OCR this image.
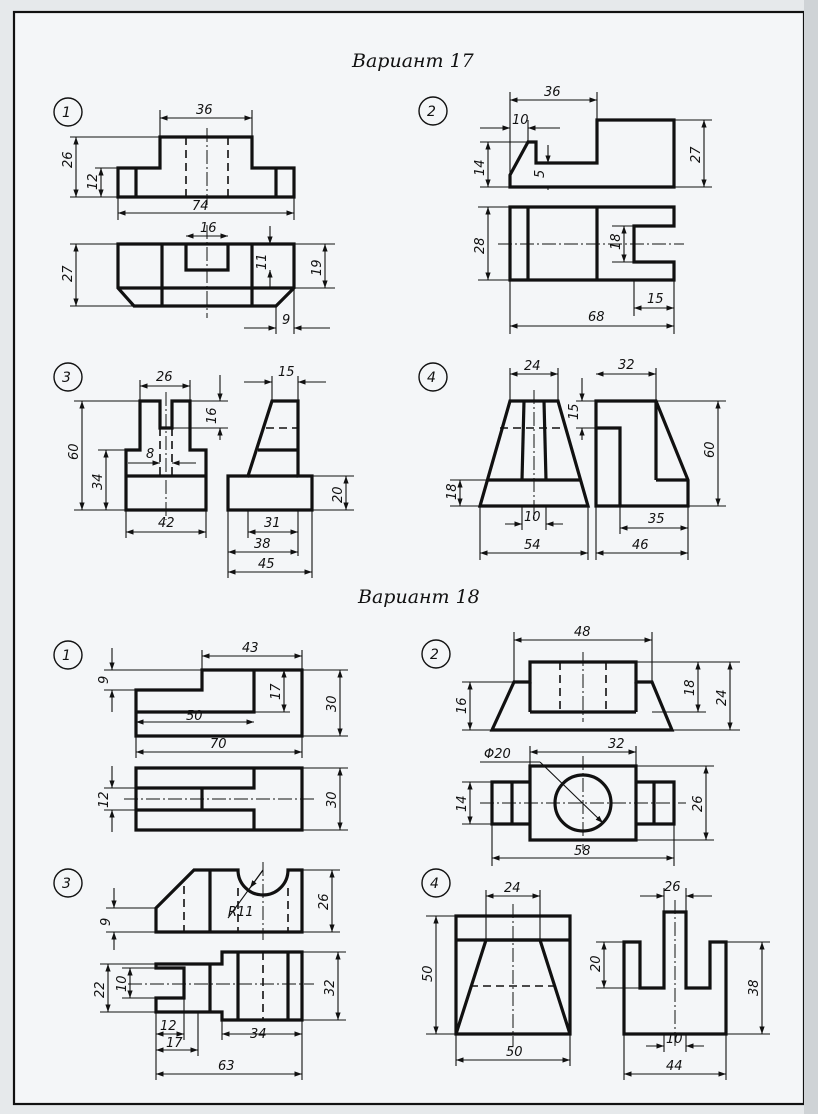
Вариант 17
1	36
26
12
74
16
27
11	19
9
2
36
10
14	5
27
28	18
15
68
3	26
16
60	8
34
42
15
20
31
38
45
4
24
18
10
54
32
15
60
35
46
Вариант 18
1
9
43
17
30
50
70
12	30
2
48
16
18
24
Φ20
32
14	26
58
3
R11
9
26
22 10	32
12
34
17
63
4	24
50
50
26
20
38
10
44
